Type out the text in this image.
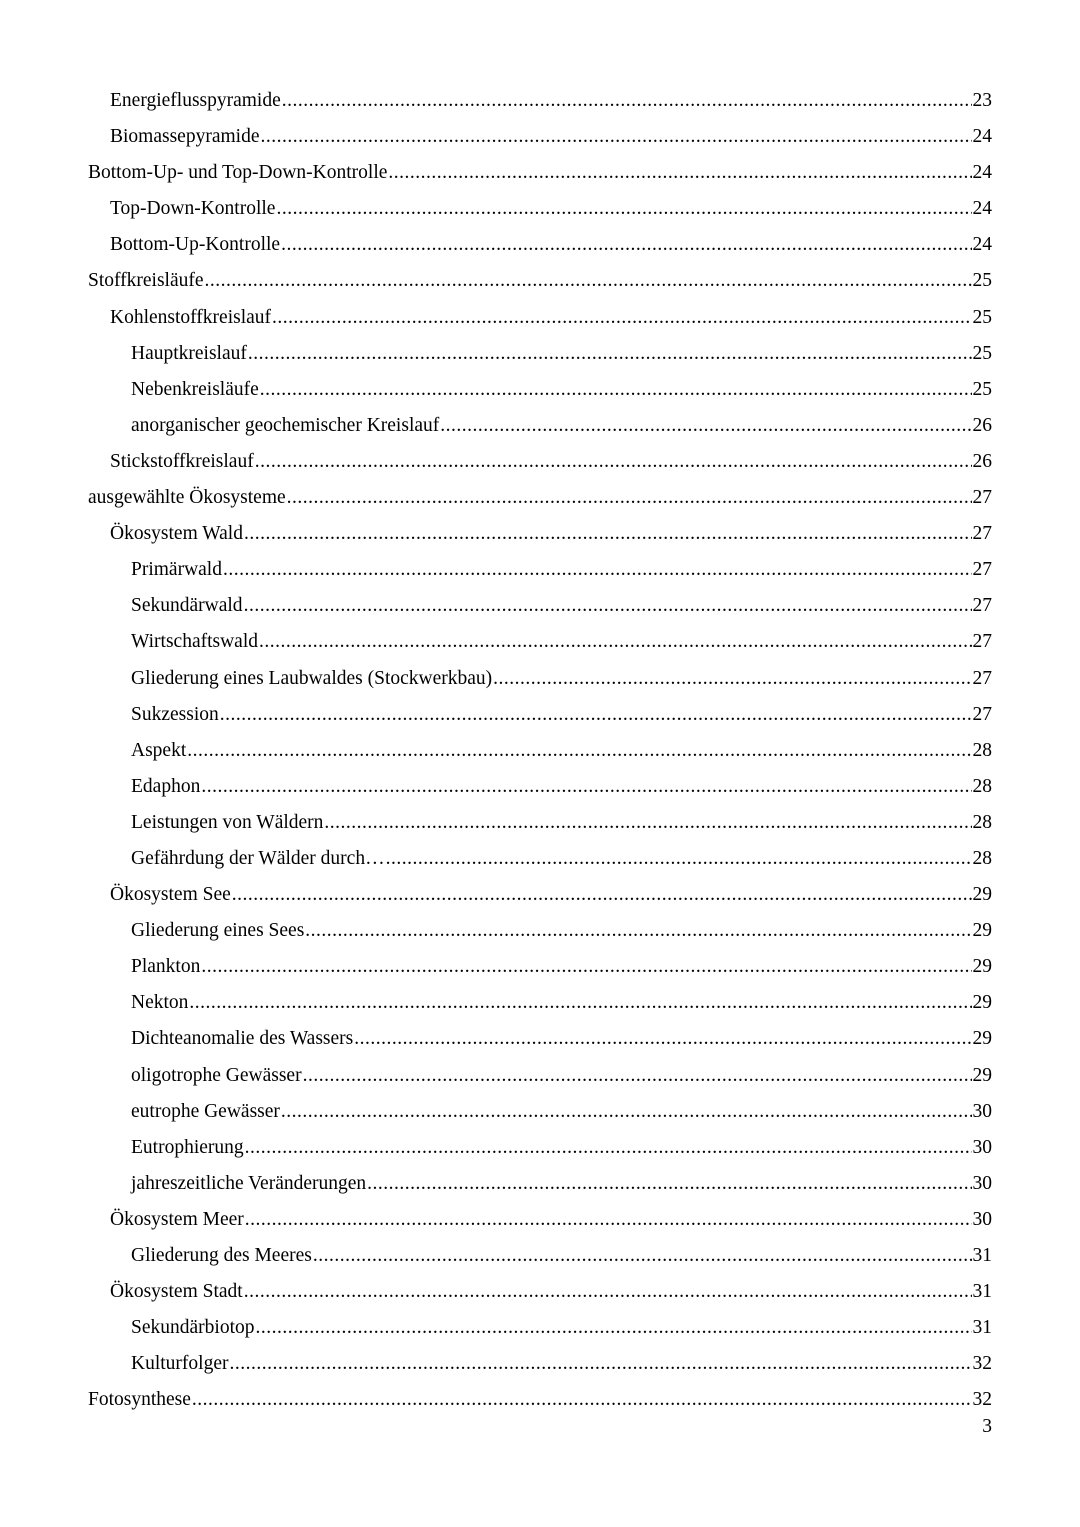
Energieflusspyramide .....	23
Biomassepyramide .....	24
Bottom-Up- und Top-Down-Kontrolle .....	24
Top-Down-Kontrolle .....	24
Bottom-Up-Kontrolle .....	24
Stoffkreisläufe .....	25
Kohlenstoffkreislauf .....	25
Hauptkreislauf .....	25
Nebenkreisläufe .....	25
anorganischer geochemischer Kreislauf .....	26
Stickstoffkreislauf .....	26
ausgewählte Ökosysteme .....	27
Ökosystem Wald .....	27
Primärwald .....	27
Sekundärwald .....	27
Wirtschaftswald .....	27
Gliederung eines Laubwaldes (Stockwerkbau) .....	27
Sukzession .....	27
Aspekt .....	28
Edaphon .....	28
Leistungen von Wäldern .....	28
Gefährdung der Wälder durch… .....	28
Ökosystem See .....	29
Gliederung eines Sees .....	29
Plankton .....	29
Nekton .....	29
Dichteanomalie des Wassers .....	29
oligotrophe Gewässer .....	29
eutrophe Gewässer .....	30
Eutrophierung .....	30
jahreszeitliche Veränderungen .....	30
Ökosystem Meer .....	30
Gliederung des Meeres .....	31
Ökosystem Stadt .....	31
Sekundärbiotop .....	31
Kulturfolger .....	32
Fotosynthese .....	32
3
